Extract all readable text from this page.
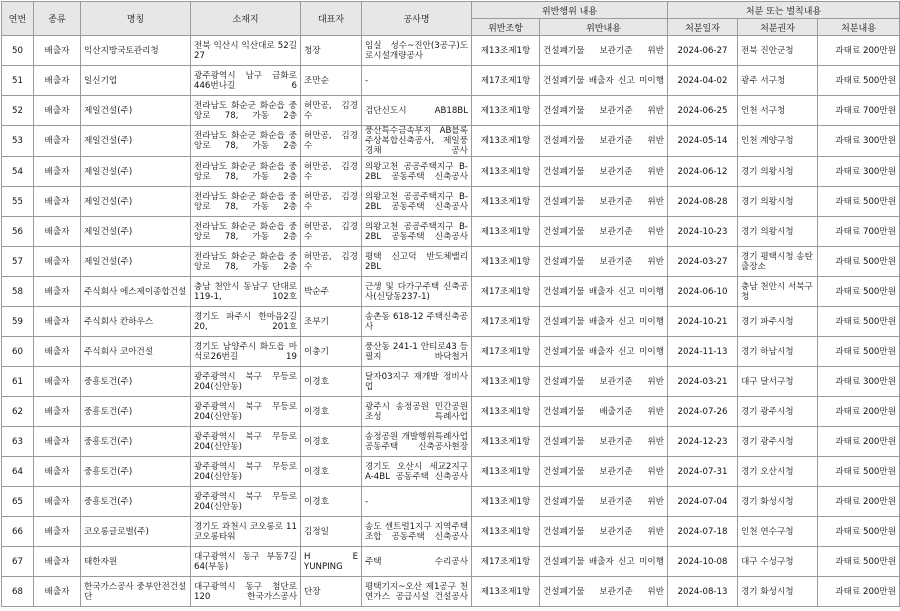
연번	종류	명칭	소재지	대표자	공사명	위반행위 내용		처분 또는 벌칙내용		
						위반조항	위반내용	처분일자	처분권자	처분내용
50	배출자	익산지방국토관리청	전북 익산시 익산대로 52길 27	청장	임실 성수~진안(3공구)도로시설개량공사	제13조제1항	건설폐기물 보관기준 위반	2024-06-27	전북 진안군청	과태료 200만원
51	배출자	일신기업	광주광역시 남구 금화로446번나길 6	조만순	-	제17조제1항	건설폐기물 배출자 신고 미이행	2024-04-02	광주 서구청	과태료 500만원
52	배출자	제일건설(주)	전라남도 화순군 화순읍 중앙로 78, 가동 2층	허만공, 김경수	검단신도시 AB18BL	제13조제1항	건설폐기물 보관기준 위반	2024-06-25	인천 서구청	과태료 700만원
53	배출자	제일건설(주)	전라남도 화순군 화순읍 중앙로 78, 가동 2층	허만공, 김경수	풍산특수금속부지 AB블록 주상복합신축공사, 제일풍경채 공사	제13조제1항	건설폐기물 보관기준 위반	2024-05-14	인천 계양구청	과태료 300만원
54	배출자	제일건설(주)	전라남도 화순군 화순읍 중앙로 78, 가동 2층	허만공, 김경수	의왕고천 공공주택지구 B-2BL 공동주택 신축공사	제13조제1항	건설폐기물 보관기준 위반	2024-06-12	경기 의왕시청	과태료 300만원
55	배출자	제일건설(주)	전라남도 화순군 화순읍 중앙로 78, 가동 2층	허만공, 김경수	의왕고천 공공주택지구 B-2BL 공동주택 신축공사	제13조제1항	건설폐기물 보관기준 위반	2024-08-28	경기 의왕시청	과태료 500만원
56	배출자	제일건설(주)	전라남도 화순군 화순읍 중앙로 78, 가동 2층	허만공, 김경수	의왕고천 공공주택지구 B-2BL 공동주택 신축공사	제13조제1항	건설폐기물 보관기준 위반	2024-10-23	경기 의왕시청	과태료 700만원
57	배출자	제일건설(주)	전라남도 화순군 화순읍 중앙로 78, 가동 2층	허만공, 김경수	평택 신고덕 반도체밸리 2BL	제13조제1항	건설폐기물 보관기준 위반	2024-03-27	경기 평택시청 송탄출장소	과태료 500만원
58	배출자	주식회사 에스제이종합건설	충남 천안시 동남구 단대로 119-1, 102호	박순주	근생 및 다가구주택 신축공사(신당동237-1)	제17조제1항	건설폐기물 배출자 신고 미이행	2024-06-10	충남 천안시 서북구청	과태료 500만원
59	배출자	주식회사 칸하우스	경기도 파주시 한마음2길 20, 201호	조부기	송촌동 618-12 주택신축공사	제17조제1항	건설폐기물 배출자 신고 미이행	2024-10-21	경기 파주시청	과태료 500만원
60	배출자	주식회사 코아건설	경기도 남양주시 화도읍 마석로26번길 19	이충기	풍산동 241-1 안티로43 등 필지 바닥철거	제17조제1항	건설폐기물 배출자 신고 미이행	2024-11-13	경기 하남시청	과태료 500만원
61	배출자	중흥토건(주)	광주광역시 북구 무등로 204(신안동)	이경호	달자03지구 재개발 정비사업	제13조제1항	건설폐기물 보관기준 위반	2024-03-21	대구 달서구청	과태료 300만원
62	배출자	중흥토건(주)	광주광역시 북구 무등로 204(신안동)	이경호	광주시 송정공원 민간공원조성 특례사업	제13조제1항	건설폐기물 배출기준 위반	2024-07-26	경기 광주시청	과태료 200만원
63	배출자	중흥토건(주)	광주광역시 북구 무등로 204(신안동)	이경호	송정공원 개발행위특례사업 공동주택 신축공사현장	제13조제1항	건설폐기물 보관기준 위반	2024-12-23	경기 광주시청	과태료 200만원
64	배출자	중흥토건(주)	광주광역시 북구 무등로 204(신안동)	이경호	경기도 오산시 세교2지구 A-4BL 공동주택 신축공사	제13조제1항	건설폐기물 보관기준 위반	2024-07-31	경기 오산시청	과태료 500만원
65	배출자	중흥토건(주)	광주광역시 북구 무등로 204(신안동)	이경호	-	제13조제1항	건설폐기물 보관기준 위반	2024-07-04	경기 화성시청	과태료 200만원
66	배출자	코오롱글로벌(주)	경기도 과천시 코오롱로 11 코오롱타워	김정일	송도 센트럴1지구 지역주택조합 공동주택 신축공사	제13조제1항	건설폐기물 보관기준 위반	2024-07-18	인천 연수구청	과태료 500만원
67	배출자	태한자원	대구광역시 동구 부동7길 64(부동)	H E YUNPING	주택 수리공사	제17조제1항	건설폐기물 배출자 신고 미이행	2024-10-08	대구 수성구청	과태료 500만원
68	배출자	한국가스공사 중부안전건설단	대구광역시 동구 첨단로 120 한국가스공사	단장	평택기지~오산 제1공구 천연가스 공급시설 건설공사	제13조제1항	건설폐기물 보관기준 위반	2024-08-13	경기 화성시청	과태료 200만원
